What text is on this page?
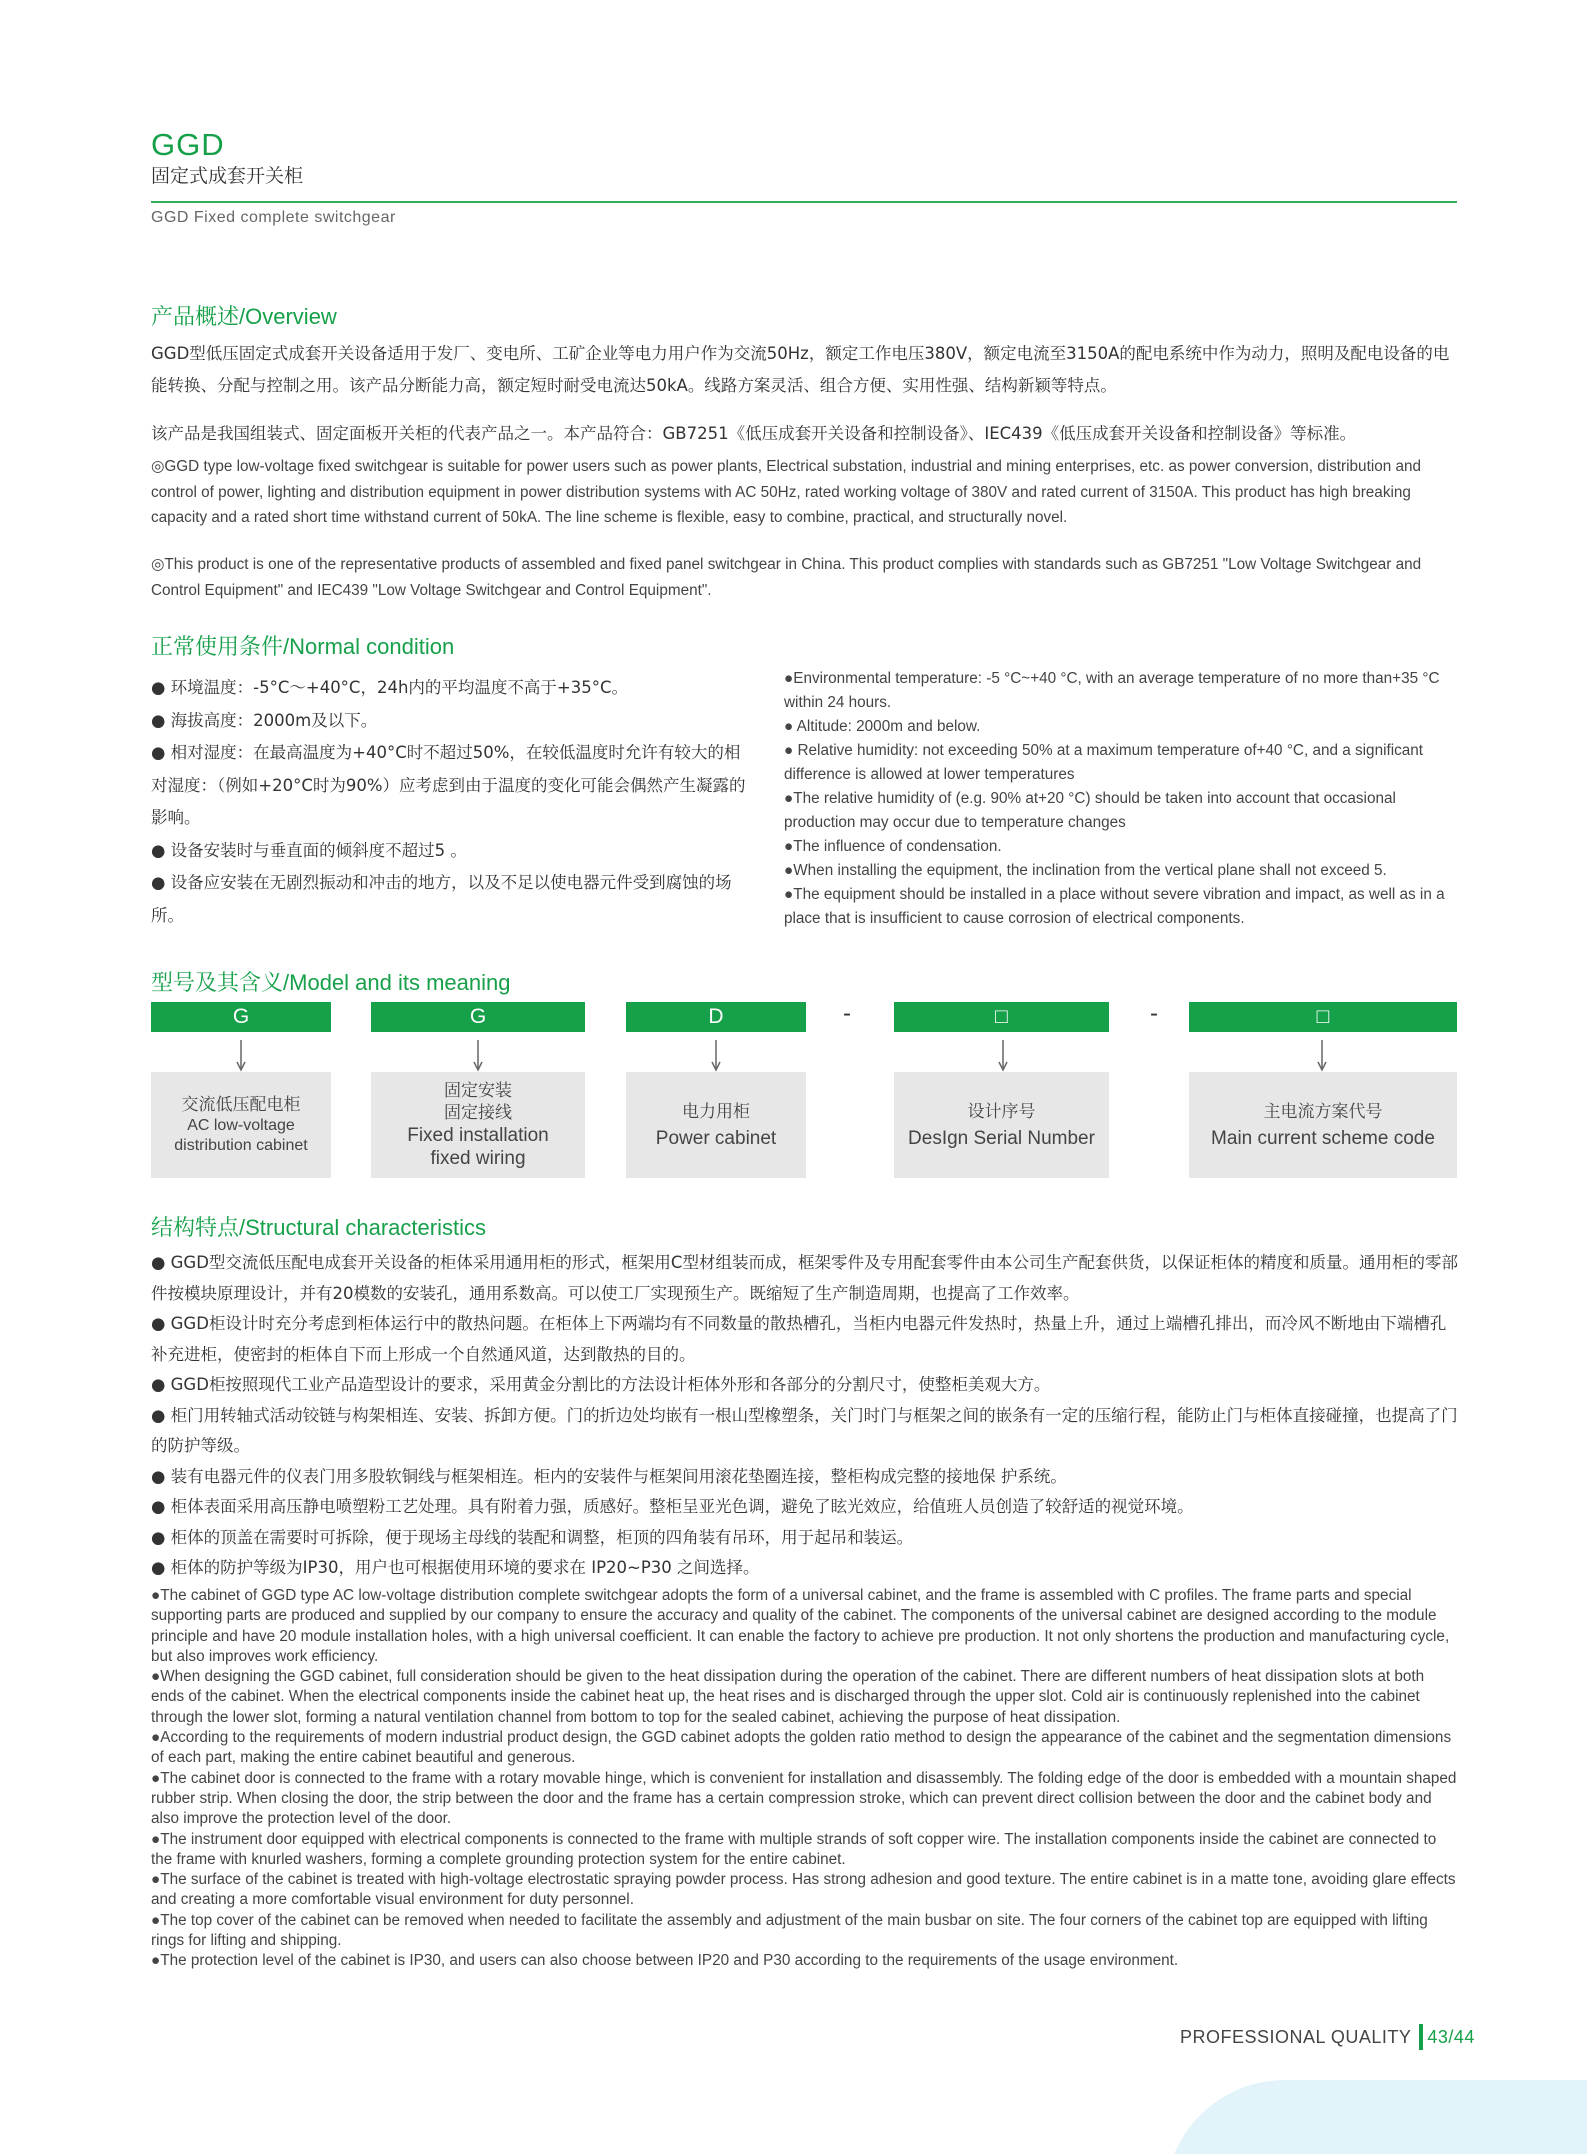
GGD
固定式成套开关柜
GGD Fixed complete switchgear
产品概述/Overview
GGD型低压固定式成套开关设备适用于发厂、变电所、工矿企业等电力用户作为交流50Hz，额定工作电压380V，额定电流至3150A的配电系统中作为动力，照明及配电设备的电能转换、分配与控制之用。该产品分断能力高，额定短时耐受电流达50kA。线路方案灵活、组合方便、实用性强、结构新颖等特点。
该产品是我国组装式、固定面板开关柜的代表产品之一。本产品符合：GB7251《低压成套开关设备和控制设备》、IEC439《低压成套开关设备和控制设备》等标准。
◎GGD type low-voltage fixed switchgear is suitable for power users such as power plants, Electrical substation, industrial and mining enterprises, etc. as power conversion, distribution and control of power, lighting and distribution equipment in power distribution systems with AC 50Hz, rated working voltage of 380V and rated current of 3150A. This product has high breaking capacity and a rated short time withstand current of 50kA. The line scheme is flexible, easy to combine, practical, and structurally novel.
◎This product is one of the representative products of assembled and fixed panel switchgear in China. This product complies with standards such as GB7251 "Low Voltage Switchgear and Control Equipment" and IEC439 "Low Voltage Switchgear and Control Equipment".
正常使用条件/Normal condition

● 环境温度：-5°C～+40°C，24h内的平均温度不高于+35°C。

● 海拔高度：2000m及以下。

● 相对湿度：在最高温度为+40°C时不超过50%，在较低温度时允许有较大的相对湿度：（例如+20°C时为90%）应考虑到由于温度的变化可能会偶然产生凝露的影响。

● 设备安装时与垂直面的倾斜度不超过5 。

● 设备应安装在无剧烈振动和冲击的地方，以及不足以使电器元件受到腐蚀的场所。

●Environmental temperature: -5 °C~+40 °C, with an average temperature of no more than+35 °C within 24 hours.

● Altitude: 2000m and below.

● Relative humidity: not exceeding 50% at a maximum temperature of+40 °C, and a significant difference is allowed at lower temperatures

●The relative humidity of (e.g. 90% at+20 °C) should be taken into account that occasional production may occur due to temperature changes

●The influence of condensation.

●When installing the equipment, the inclination from the vertical plane shall not exceed 5.

●The equipment should be installed in a place without severe vibration and impact, as well as in a place that is insufficient to cause corrosion of electrical components.

型号及其含义/Model and its meaning
G	G	D	-	□	-	□
交流低压配电柜
AC low-voltage
distribution cabinet
固定安装
固定接线
Fixed installation
fixed wiring
电力用柜
Power cabinet
设计序号
DesIgn Serial Number
主电流方案代号
Main current scheme code
结构特点/Structural characteristics

● GGD型交流低压配电成套开关设备的柜体采用通用柜的形式，框架用C型材组装而成，框架零件及专用配套零件由本公司生产配套供货，以保证柜体的精度和质量。通用柜的零部件按模块原理设计，并有20模数的安装孔，通用系数高。可以使工厂实现预生产。既缩短了生产制造周期，也提高了工作效率。

● GGD柜设计时充分考虑到柜体运行中的散热问题。在柜体上下两端均有不同数量的散热槽孔，当柜内电器元件发热时，热量上升，通过上端槽孔排出，而冷风不断地由下端槽孔补充进柜，使密封的柜体自下而上形成一个自然通风道，达到散热的目的。

● GGD柜按照现代工业产品造型设计的要求，采用黄金分割比的方法设计柜体外形和各部分的分割尺寸，使整柜美观大方。

● 柜门用转轴式活动铰链与构架相连、安装、拆卸方便。门的折边处均嵌有一根山型橡塑条，关门时门与框架之间的嵌条有一定的压缩行程，能防止门与柜体直接碰撞，也提高了门的防护等级。

● 装有电器元件的仪表门用多股软铜线与框架相连。柜内的安装件与框架间用滚花垫圈连接，整柜构成完整的接地保 护系统。

● 柜体表面采用高压静电喷塑粉工艺处理。具有附着力强，质感好。整柜呈亚光色调，避免了眩光效应，给值班人员创造了较舒适的视觉环境。

● 柜体的顶盖在需要时可拆除，便于现场主母线的装配和调整，柜顶的四角装有吊环，用于起吊和装运。

● 柜体的防护等级为IP30，用户也可根据使用环境的要求在 IP20~P30 之间选择。

●The cabinet of GGD type AC low-voltage distribution complete switchgear adopts the form of a universal cabinet, and the frame is assembled with C profiles. The frame parts and special supporting parts are produced and supplied by our company to ensure the accuracy and quality of the cabinet. The components of the universal cabinet are designed according to the module principle and have 20 module installation holes, with a high universal coefficient. It can enable the factory to achieve pre production. It not only shortens the production and manufacturing cycle, but also improves work efficiency.

●When designing the GGD cabinet, full consideration should be given to the heat dissipation during the operation of the cabinet. There are different numbers of heat dissipation slots at both ends of the cabinet. When the electrical components inside the cabinet heat up, the heat rises and is discharged through the upper slot. Cold air is continuously replenished into the cabinet through the lower slot, forming a natural ventilation channel from bottom to top for the sealed cabinet, achieving the purpose of heat dissipation.

●According to the requirements of modern industrial product design, the GGD cabinet adopts the golden ratio method to design the appearance of the cabinet and the segmentation dimensions of each part, making the entire cabinet beautiful and generous.

●The cabinet door is connected to the frame with a rotary movable hinge, which is convenient for installation and disassembly. The folding edge of the door is embedded with a mountain shaped rubber strip. When closing the door, the strip between the door and the frame has a certain compression stroke, which can prevent direct collision between the door and the cabinet body and also improve the protection level of the door.

●The instrument door equipped with electrical components is connected to the frame with multiple strands of soft copper wire. The installation components inside the cabinet are connected to the frame with knurled washers, forming a complete grounding protection system for the entire cabinet.

●The surface of the cabinet is treated with high-voltage electrostatic spraying powder process. Has strong adhesion and good texture. The entire cabinet is in a matte tone, avoiding glare effects and creating a more comfortable visual environment for duty personnel.

●The top cover of the cabinet can be removed when needed to facilitate the assembly and adjustment of the main busbar on site. The four corners of the cabinet top are equipped with lifting rings for lifting and shipping.

●The protection level of the cabinet is IP30, and users can also choose between IP20 and P30 according to the requirements of the usage environment.

PROFESSIONAL QUALITY 43/44
